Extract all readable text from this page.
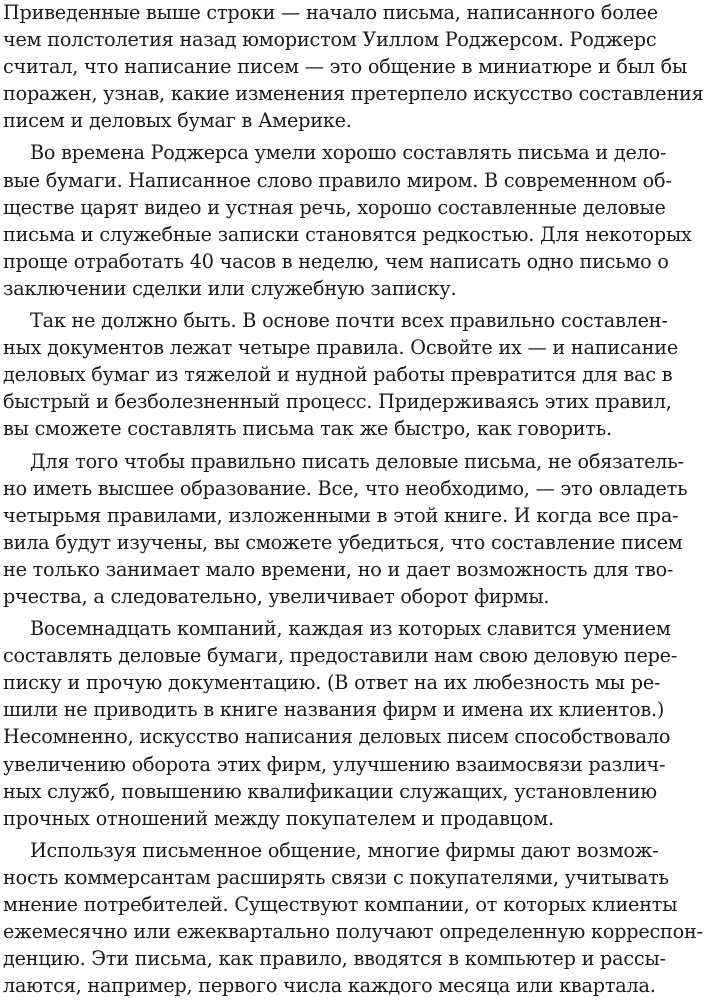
Приведенные выше строки — начало письма, написанного более
чем полстолетия назад юмористом Уиллом Роджерсом. Роджерс
считал, что написание писем — это общение в миниатюре и был бы
поражен, узнав, какие изменения претерпело искусство составления
писем и деловых бумаг в Америке.
Во времена Роджерса умели хорошо составлять письма и дело-
вые бумаги. Написанное слово правило миром. В современном об-
ществе царят видео и устная речь, хорошо составленные деловые
письма и служебные записки становятся редкостью. Для некоторых
проще отработать 40 часов в неделю, чем написать одно письмо о
заключении сделки или служебную записку.
Так не должно быть. В основе почти всех правильно составлен-
ных документов лежат четыре правила. Освойте их — и написание
деловых бумаг из тяжелой и нудной работы превратится для вас в
быстрый и безболезненный процесс. Придерживаясь этих правил,
вы сможете составлять письма так же быстро, как говорить.
Для того чтобы правильно писать деловые письма, не обязатель-
но иметь высшее образование. Все, что необходимо, — это овладеть
четырьмя правилами, изложенными в этой книге. И когда все пра-
вила будут изучены, вы сможете убедиться, что составление писем
не только занимает мало времени, но и дает возможность для тво-
рчества, а следовательно, увеличивает оборот фирмы.
Восемнадцать компаний, каждая из которых славится умением
составлять деловые бумаги, предоставили нам свою деловую пере-
писку и прочую документацию. (В ответ на их любезность мы ре-
шили не приводить в книге названия фирм и имена их клиентов.)
Несомненно, искусство написания деловых писем способствовало
увеличению оборота этих фирм, улучшению взаимосвязи различ-
ных служб, повышению квалификации служащих, установлению
прочных отношений между покупателем и продавцом.
Используя письменное общение, многие фирмы дают возмож-
ность коммерсантам расширять связи с покупателями, учитывать
мнение потребителей. Существуют компании, от которых клиенты
ежемесячно или ежеквартально получают определенную корреспон-
денцию. Эти письма, как правило, вводятся в компьютер и рассы-
лаются, например, первого числа каждого месяца или квартала.
